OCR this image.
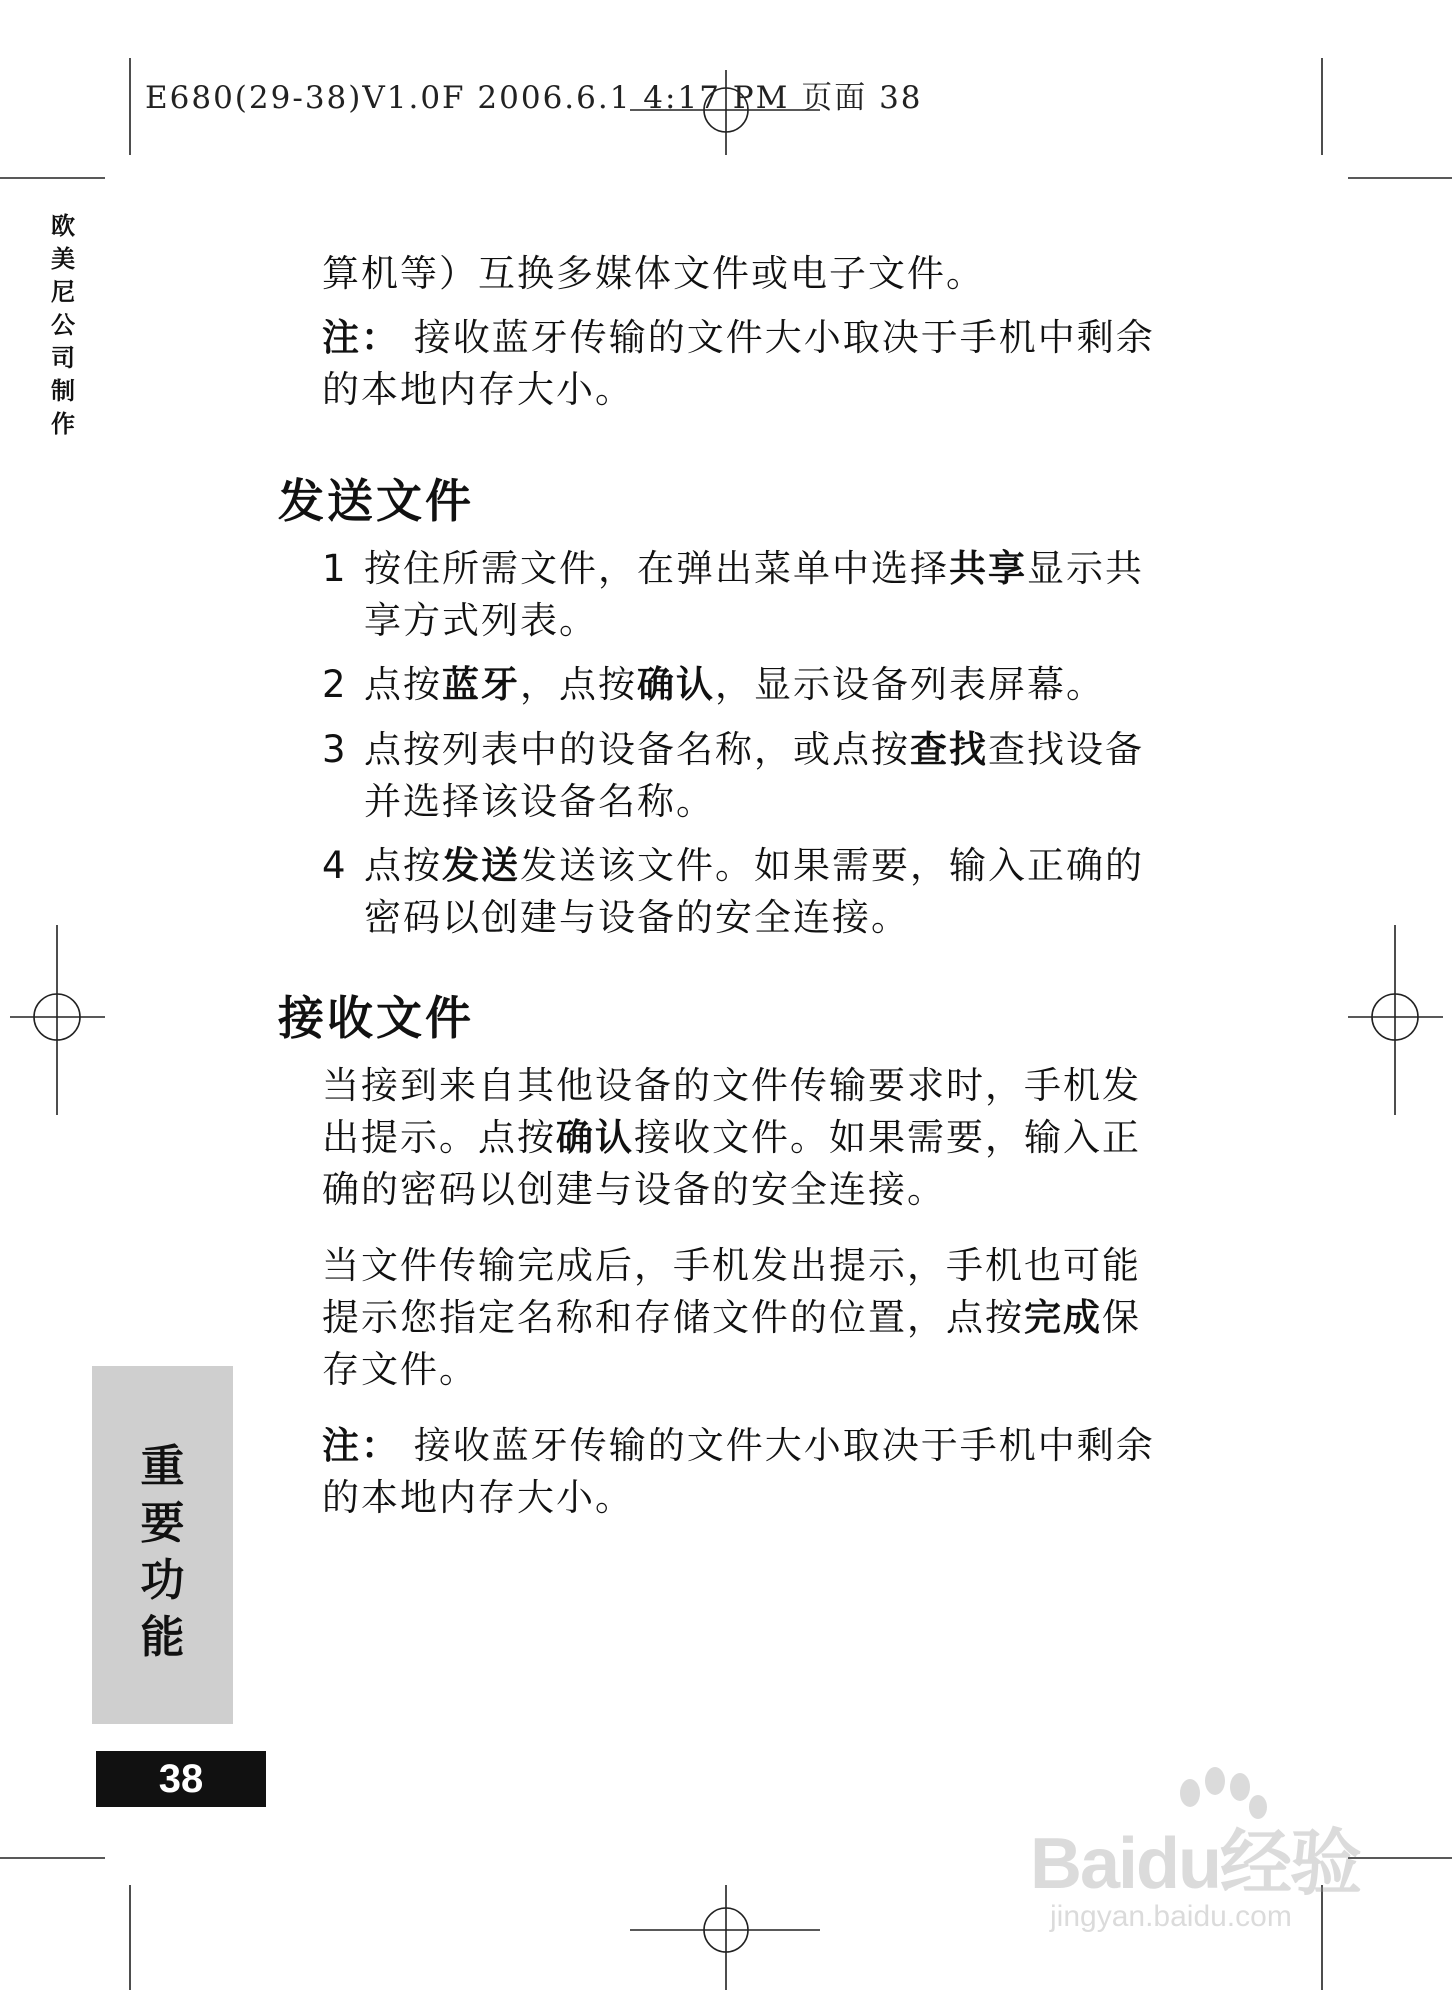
E680(29-38)V1.0F 2006.6.1 4:17 PM 页面 38
欧
美
尼
公
司
制
作

算机等）互换多媒体文件或电子文件。

注： 接收蓝牙传输的文件大小取决于手机中剩余的本地内存大小。

发送文件
1 按住所需文件，在弹出菜单中选择共享显示共享方式列表。
2 点按蓝牙，点按确认，显示设备列表屏幕。
3 点按列表中的设备名称，或点按查找查找设备并选择该设备名称。
4 点按发送发送该文件。如果需要，输入正确的密码以创建与设备的安全连接。
接收文件

当接到来自其他设备的文件传输要求时，手机发出提示。点按确认接收文件。如果需要，输入正确的密码以创建与设备的安全连接。

当文件传输完成后，手机发出提示，手机也可能提示您指定名称和存储文件的位置，点按完成保存文件。

注： 接收蓝牙传输的文件大小取决于手机中剩余的本地内存大小。

重
要
功
能
38
Baidu经验
jingyan.baidu.com
